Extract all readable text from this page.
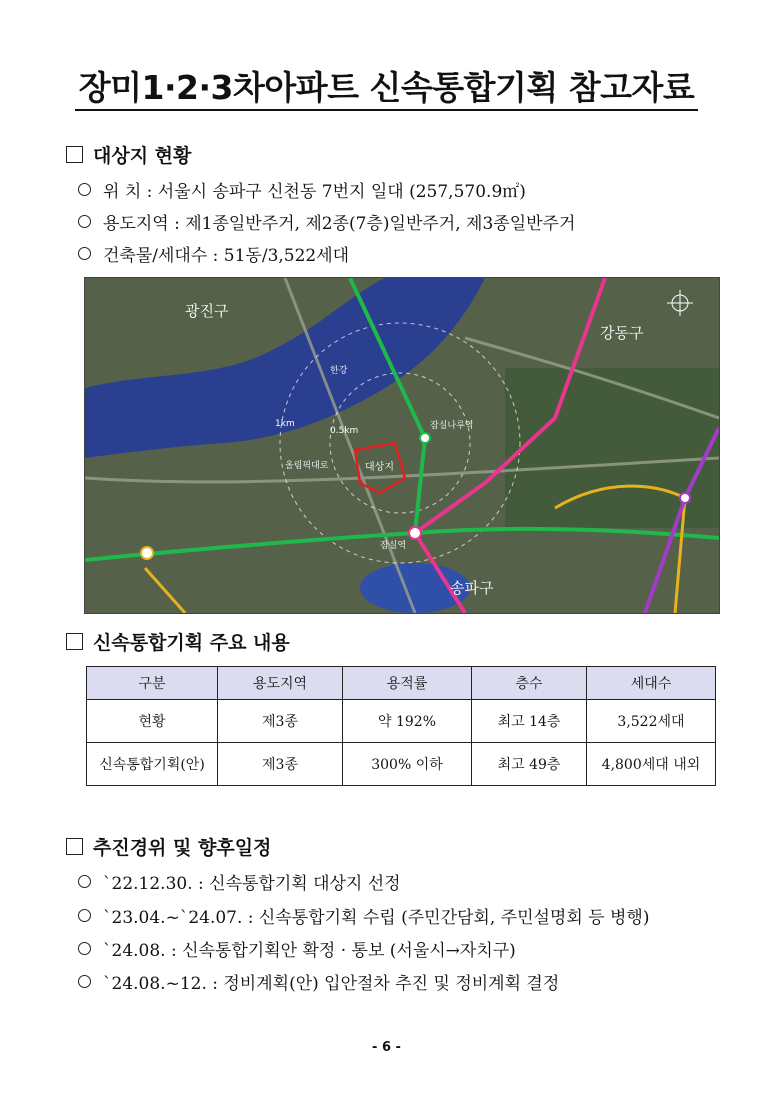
장미1·2·3차아파트 신속통합기획 참고자료
대상지 현황
위 치 : 서울시 송파구 신천동 7번지 일대 (257,570.9㎡)
용도지역 : 제1종일반주거, 제2종(7층)일반주거, 제3종일반주거
건축물/세대수 : 51동/3,522세대
광진구
강동구
송파구
대상지
1km
0.5km	잠실나루역
잠실역
올림픽대로
한강
신속통합기획 주요 내용
구분	용도지역	용적률	층수	세대수
현황	제3종	약 192%	최고 14층	3,522세대
신속통합기획(안)	제3종	300% 이하	최고 49층	4,800세대 내외
추진경위 및 향후일정
`22.12.30. : 신속통합기획 대상지 선정
`23.04.~`24.07. : 신속통합기획 수립 (주민간담회, 주민설명회 등 병행)
`24.08. : 신속통합기획안 확정 · 통보 (서울시→자치구)
`24.08.~12. : 정비계획(안) 입안절차 추진 및 정비계획 결정
- 6 -
